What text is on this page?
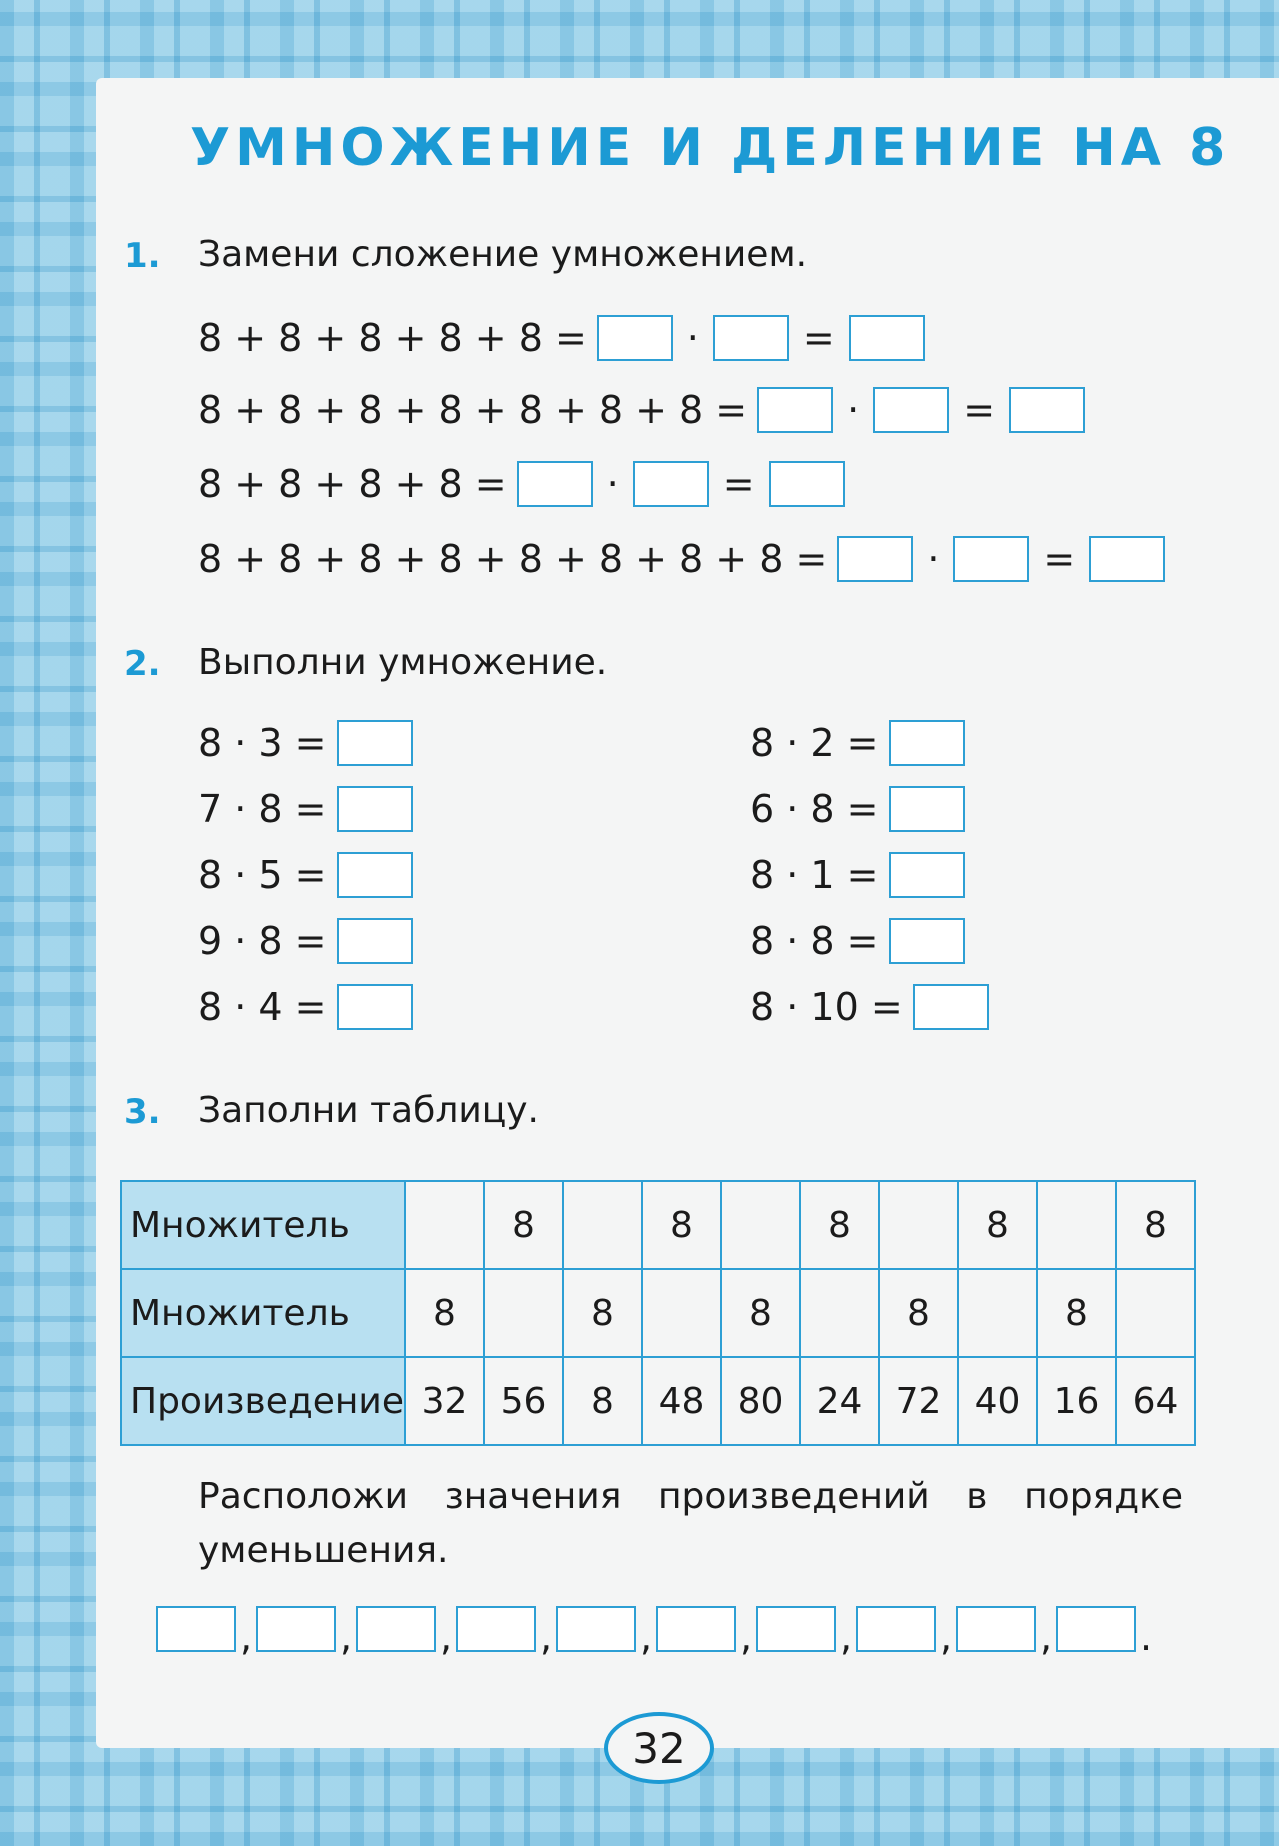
УМНОЖЕНИЕ И ДЕЛЕНИЕ НА 8
1. Замени сложение умножением.
8 + 8 + 8 + 8 + 8 =	·	=
8 + 8 + 8 + 8 + 8 + 8 + 8 =	·	=
8 + 8 + 8 + 8 =	·	=
8 + 8 + 8 + 8 + 8 + 8 + 8 + 8 =	·	=
2. Выполни умножение.
8 · 3 =
7 · 8 =
8 · 5 =
9 · 8 =
8 · 4 =
8 · 2 =
6 · 8 =
8 · 1 =
8 · 8 =
8 · 10 =
3. Заполни таблицу.
Множитель		8		8		8		8		8
Множитель	8		8		8		8		8	
Произведение	32	56	8	48	80	24	72	40	16	64
Расположи значения произведений в порядке уменьшения.
, , , , , , , , , .
32
